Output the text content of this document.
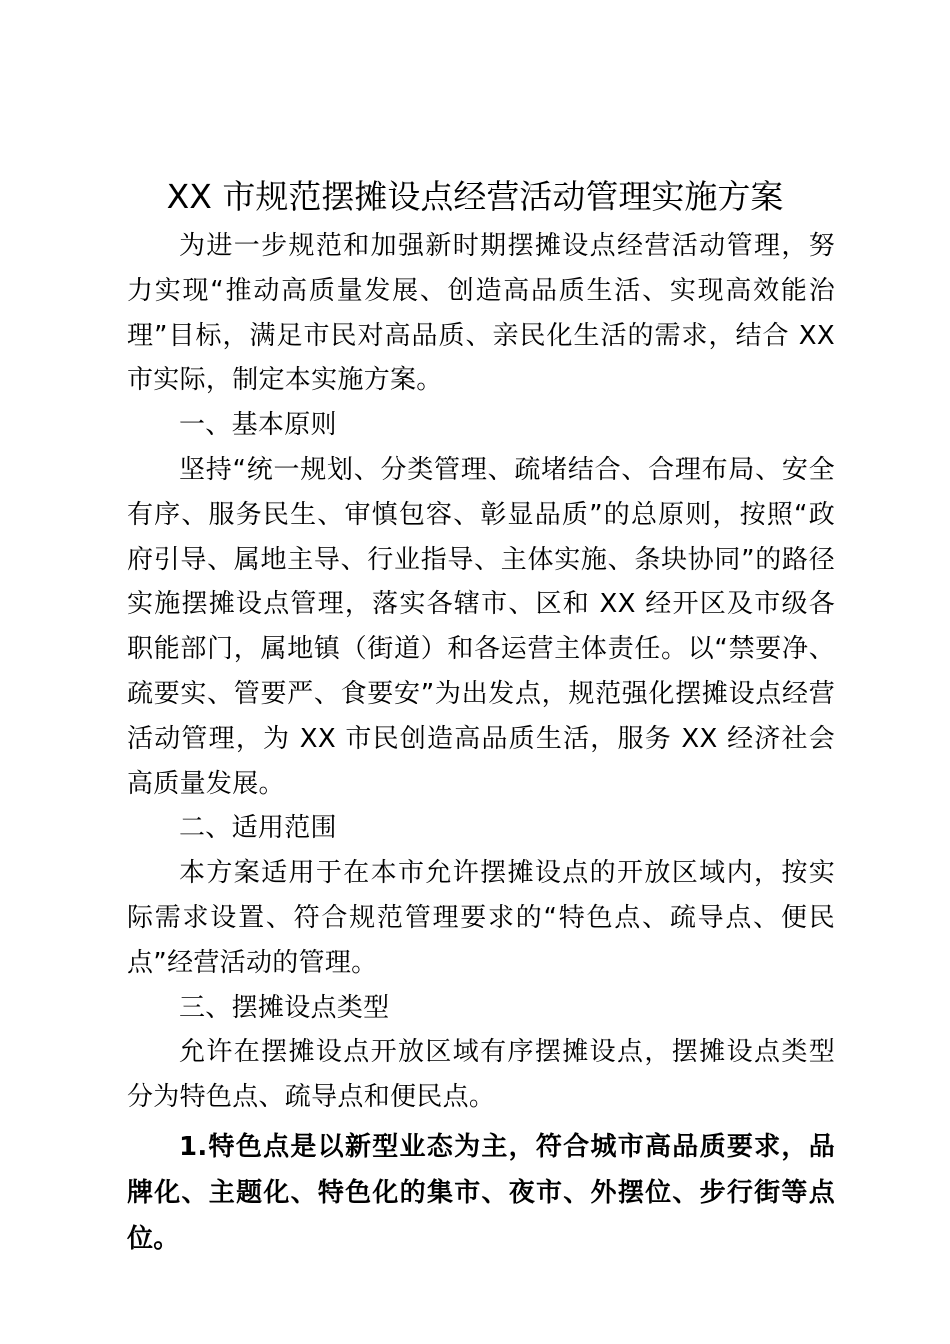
XX 市规范摆摊设点经营活动管理实施方案

为进一步规范和加强新时期摆摊设点经营活动管理，努力实现“推动高质量发展、创造高品质生活、实现高效能治理”目标，满足市民对高品质、亲民化生活的需求，结合 XX 市实际，制定本实施方案。

一、基本原则

坚持“统一规划、分类管理、疏堵结合、合理布局、安全有序、服务民生、审慎包容、彰显品质”的总原则，按照“政府引导、属地主导、行业指导、主体实施、条块协同”的路径实施摆摊设点管理，落实各辖市、区和 XX 经开区及市级各职能部门，属地镇（街道）和各运营主体责任。以“禁要净、疏要实、管要严、食要安”为出发点，规范强化摆摊设点经营活动管理，为 XX 市民创造高品质生活，服务 XX 经济社会高质量发展。

二、适用范围

本方案适用于在本市允许摆摊设点的开放区域内，按实际需求设置、符合规范管理要求的“特色点、疏导点、便民点”经营活动的管理。

三、摆摊设点类型

允许在摆摊设点开放区域有序摆摊设点，摆摊设点类型分为特色点、疏导点和便民点。

1.特色点是以新型业态为主，符合城市高品质要求，品牌化、主题化、特色化的集市、夜市、外摆位、步行街等点位。
